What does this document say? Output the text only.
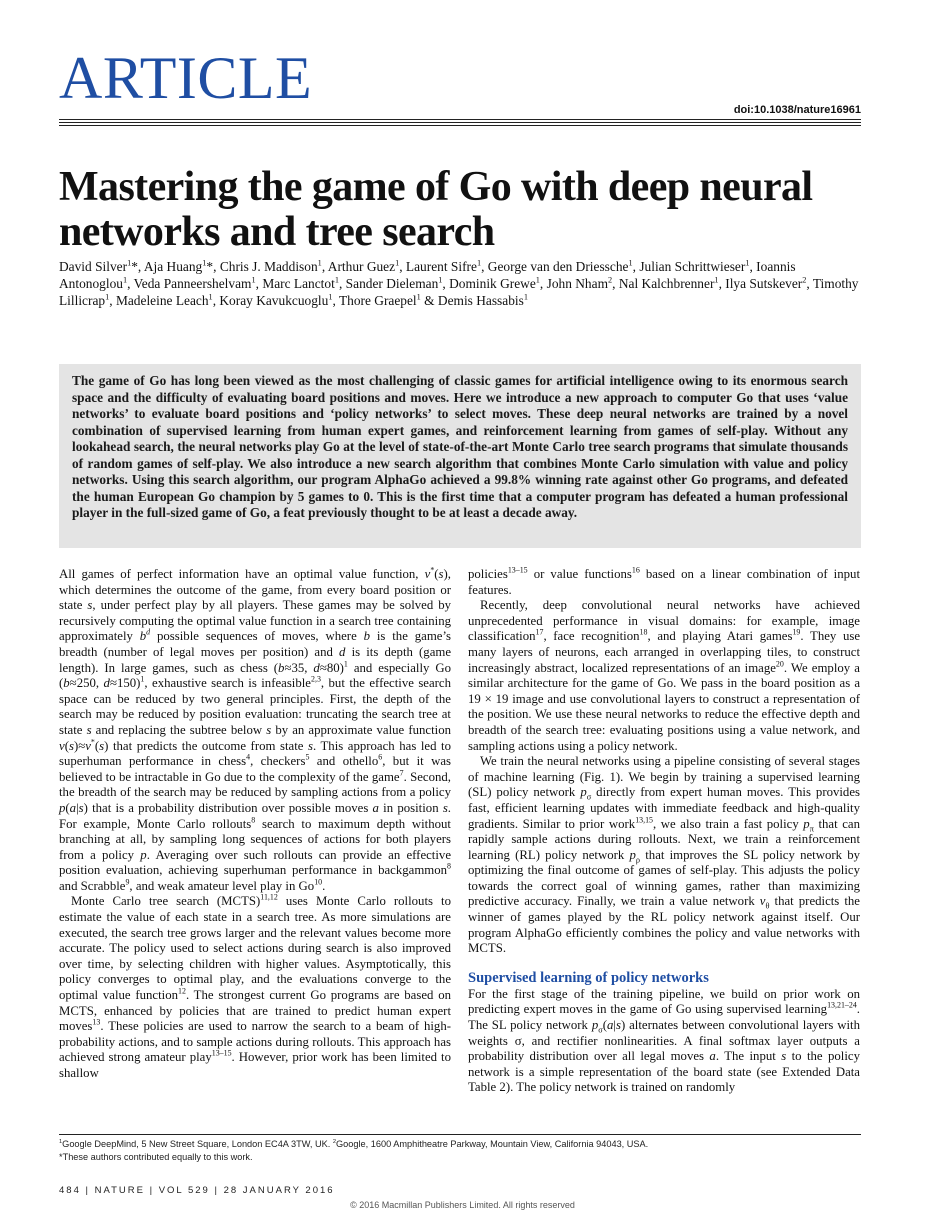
ARTICLE	doi:10.1038/nature16961
Mastering the game of Go with deep neural networks and tree search
David Silver$^1$*, Aja Huang$^1$*, Chris J. Maddison$^1$, Arthur Guez$^1$, Laurent Sifre$^1$, George van den Driessche$^1$, Julian Schrittwieser$^1$, Ioannis Antonoglou$^1$, Veda Panneershelvam$^1$, Marc Lanctot$^1$, Sander Dieleman$^1$, Dominik Grewe$^1$, John Nham$^2$, Nal Kalchbrenner$^1$, Ilya Sutskever$^2$, Timothy Lillicrap$^1$, Madeleine Leach$^1$, Koray Kavukcuoglu$^1$, Thore Graepel$^1$ & Demis Hassabis$^1$
The game of Go has long been viewed as the most challenging of classic games for artificial intelligence owing to its enormous search space and the difficulty of evaluating board positions and moves. Here we introduce a new approach to computer Go that uses ‘value networks’ to evaluate board positions and ‘policy networks’ to select moves. These deep neural networks are trained by a novel combination of supervised learning from human expert games, and reinforcement learning from games of self-play. Without any lookahead search, the neural networks play Go at the level of state-of-the-art Monte Carlo tree search programs that simulate thousands of random games of self-play. We also introduce a new search algorithm that combines Monte Carlo simulation with value and policy networks. Using this search algorithm, our program AlphaGo achieved a 99.8% winning rate against other Go programs, and defeated the human European Go champion by 5 games to 0. This is the first time that a computer program has defeated a human professional player in the full-sized game of Go, a feat previously thought to be at least a decade away.

All games of perfect information have an optimal value function, v*(s), which determines the outcome of the game, from every board position or state s, under perfect play by all players. These games may be solved by recursively computing the optimal value function in a search tree containing approximately $b^d$ possible sequences of moves, where b is the game’s breadth (number of legal moves per position) and d is its depth (game length). In large games, such as chess (b≈35, d≈80)$^1$ and especially Go (b≈250, d≈150)$^1$, exhaustive search is infeasible$^{2,3}$, but the effective search space can be reduced by two general principles. First, the depth of the search may be reduced by position evaluation: truncating the search tree at state s and replacing the subtree below s by an approximate value function v(s)≈v*(s) that predicts the outcome from state s. This approach has led to superhuman performance in chess$^4$, checkers$^5$ and othello$^6$, but it was believed to be intractable in Go due to the complexity of the game$^7$. Second, the breadth of the search may be reduced by sampling actions from a policy p(a|s) that is a probability distribution over possible moves a in position s. For example, Monte Carlo rollouts$^8$ search to maximum depth without branching at all, by sampling long sequences of actions for both players from a policy p. Averaging over such rollouts can provide an effective position evaluation, achieving superhuman performance in backgammon$^8$ and Scrabble$^9$, and weak amateur level play in Go$^{10}$.

Monte Carlo tree search (MCTS)$^{11,12}$ uses Monte Carlo rollouts to estimate the value of each state in a search tree. As more simulations are executed, the search tree grows larger and the relevant values become more accurate. The policy used to select actions during search is also improved over time, by selecting children with higher values. Asymptotically, this policy converges to optimal play, and the evaluations converge to the optimal value function$^{12}$. The strongest current Go programs are based on MCTS, enhanced by policies that are trained to predict human expert moves$^{13}$. These policies are used to narrow the search to a beam of high-probability actions, and to sample actions during rollouts. This approach has achieved strong amateur play$^{13-15}$. However, prior work has been limited to shallow

policies$^{13-15}$ or value functions$^{16}$ based on a linear combination of input features.

Recently, deep convolutional neural networks have achieved unprecedented performance in visual domains: for example, image classification$^{17}$, face recognition$^{18}$, and playing Atari games$^{19}$. They use many layers of neurons, each arranged in overlapping tiles, to construct increasingly abstract, localized representations of an image$^{20}$. We employ a similar architecture for the game of Go. We pass in the board position as a 19 × 19 image and use convolutional layers to construct a representation of the position. We use these neural networks to reduce the effective depth and breadth of the search tree: evaluating positions using a value network, and sampling actions using a policy network.

We train the neural networks using a pipeline consisting of several stages of machine learning (Fig. 1). We begin by training a supervised learning (SL) policy network $p_\sigma$ directly from expert human moves. This provides fast, efficient learning updates with immediate feedback and high-quality gradients. Similar to prior work$^{13,15}$, we also train a fast policy $p_\pi$ that can rapidly sample actions during rollouts. Next, we train a reinforcement learning (RL) policy network $p_\rho$ that improves the SL policy network by optimizing the final outcome of games of self-play. This adjusts the policy towards the correct goal of winning games, rather than maximizing predictive accuracy. Finally, we train a value network $v_\theta$ that predicts the winner of games played by the RL policy network against itself. Our program AlphaGo efficiently combines the policy and value networks with MCTS.

Supervised learning of policy networks

For the first stage of the training pipeline, we build on prior work on predicting expert moves in the game of Go using supervised learning$^{13,21-24}$. The SL policy network $p_\sigma(a|s)$ alternates between convolutional layers with weights σ, and rectifier nonlinearities. A final softmax layer outputs a probability distribution over all legal moves a. The input s to the policy network is a simple representation of the board state (see Extended Data Table 2). The policy network is trained on randomly

$^1$Google DeepMind, 5 New Street Square, London EC4A 3TW, UK. $^2$Google, 1600 Amphitheatre Parkway, Mountain View, California 94043, USA.
*These authors contributed equally to this work.
484 | NATURE | VOL 529 | 28 JANUARY 2016
© 2016 Macmillan Publishers Limited. All rights reserved
